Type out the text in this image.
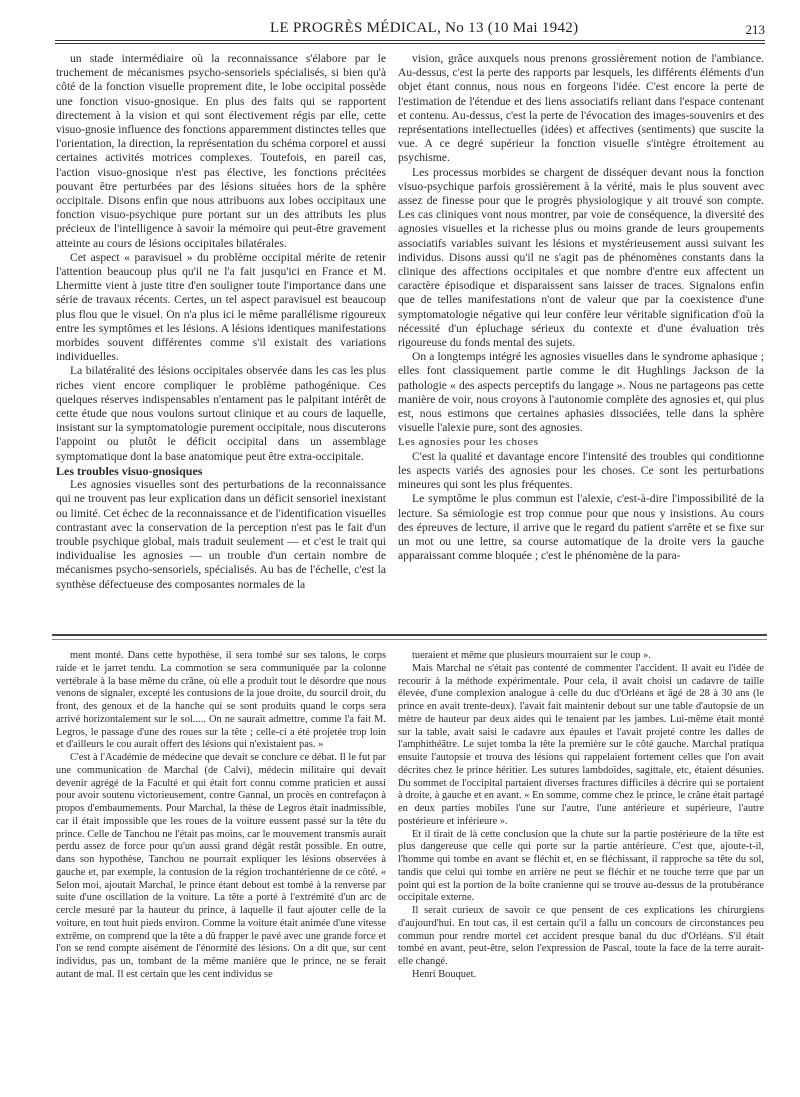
LE PROGRÈS MÉDICAL, No 13 (10 Mai 1942)	213

un stade intermédiaire où la reconnaissance s'élabore par le truchement de mécanismes psycho-sensoriels spécialisés, si bien qu'à côté de la fonction visuelle proprement dite, le lobe occipital possède une fonction visuo-gnosique. En plus des faits qui se rapportent directement à la vision et qui sont électivement régis par elle, cette visuo-gnosie influence des fonctions apparemment distinctes telles que l'orientation, la direction, la représentation du schéma corporel et aussi certaines activités motrices complexes. Toutefois, en pareil cas, l'action visuo-gnosique n'est pas élective, les fonctions précitées pouvant être perturbées par des lésions situées hors de la sphère occipitale. Disons enfin que nous attribuons aux lobes occipitaux une fonction visuo-psychique pure portant sur un des attributs les plus précieux de l'intelligence à savoir la mémoire qui peut-être gravement atteinte au cours de lésions occipitales bilatérales.

Cet aspect « paravisuel » du problème occipital mérite de retenir l'attention beaucoup plus qu'il ne l'a fait jusqu'ici en France et M. Lhermitte vient à juste titre d'en souligner toute l'importance dans une série de travaux récents. Certes, un tel aspect paravisuel est beaucoup plus flou que le visuel. On n'a plus ici le même parallélisme rigoureux entre les symptômes et les lésions. A lésions identiques manifestations morbides souvent différentes comme s'il existait des variations individuelles.

La bilatéralité des lésions occipitales observée dans les cas les plus riches vient encore compliquer le problème pathogénique. Ces quelques réserves indispensables n'entament pas le palpitant intérêt de cette étude que nous voulons surtout clinique et au cours de laquelle, insistant sur la symptomatologie purement occipitale, nous discuterons l'appoint ou plutôt le déficit occipital dans un assemblage symptomatique dont la base anatomique peut être extra-occipitale.

Les troubles visuo-gnosiques

Les agnosies visuelles sont des perturbations de la reconnaissance qui ne trouvent pas leur explication dans un déficit sensoriel inexistant ou limité. Cet échec de la reconnaissance et de l'identification visuelles contrastant avec la conservation de la perception n'est pas le fait d'un trouble psychique global, mais traduit seulement — et c'est le trait qui individualise les agnosies — un trouble d'un certain nombre de mécanismes psycho-sensoriels, spécialisés. Au bas de l'échelle, c'est la synthèse défectueuse des composantes normales de la

vision, grâce auxquels nous prenons grossièrement notion de l'ambiance. Au-dessus, c'est la perte des rapports par lesquels, les différents éléments d'un objet étant connus, nous nous en forgeons l'idée. C'est encore la perte de l'estimation de l'étendue et des liens associatifs reliant dans l'espace contenant et contenu. Au-dessus, c'est la perte de l'évocation des images-souvenirs et des représentations intellectuelles (idées) et affectives (sentiments) que suscite la vue. A ce degré supérieur la fonction visuelle s'intègre étroitement au psychisme.

Les processus morbides se chargent de disséquer devant nous la fonction visuo-psychique parfois grossièrement à la vérité, mais le plus souvent avec assez de finesse pour que le progrès physiologique y ait trouvé son compte. Les cas cliniques vont nous montrer, par voie de conséquence, la diversité des agnosies visuelles et la richesse plus ou moins grande de leurs groupements associatifs variables suivant les lésions et mystérieusement aussi suivant les individus. Disons aussi qu'il ne s'agit pas de phénomènes constants dans la clinique des affections occipitales et que nombre d'entre eux affectent un caractère épisodique et disparaissent sans laisser de traces. Signalons enfin que de telles manifestations n'ont de valeur que par la coexistence d'une symptomatologie négative qui leur confère leur véritable signification d'où la nécessité d'un épluchage sérieux du contexte et d'une évaluation très rigoureuse du fonds mental des sujets.

On a longtemps intégré les agnosies visuelles dans le syndrome aphasique ; elles font classiquement partie comme le dit Hughlings Jackson de la pathologie « des aspects perceptifs du langage ». Nous ne partageons pas cette manière de voir, nous croyons à l'autonomie complète des agnosies et, qui plus est, nous estimons que certaines aphasies dissociées, telle dans la sphère visuelle l'alexie pure, sont des agnosies.

Les agnosies pour les choses

C'est la qualité et davantage encore l'intensité des troubles qui conditionne les aspects variés des agnosies pour les choses. Ce sont les perturbations mineures qui sont les plus fréquentes.

Le symptôme le plus commun est l'alexie, c'est-à-dire l'impossibilité de la lecture. Sa sémiologie est trop connue pour que nous y insistions. Au cours des épreuves de lecture, il arrive que le regard du patient s'arrête et se fixe sur un mot ou une lettre, sa course automatique de la droite vers la gauche apparaissant comme bloquée ; c'est le phénomène de la para-

ment monté. Dans cette hypothèse, il sera tombé sur ses talons, le corps raide et le jarret tendu. La commotion se sera communiquée par la colonne vertébrale à la base même du crâne, où elle a produit tout le désordre que nous venons de signaler, excepté les contusions de la joue droite, du sourcil droit, du front, des genoux et de la hanche qui se sont produits quand le corps sera arrivé horizontalement sur le sol..... On ne saurait admettre, comme l'a fait M. Legros, le passage d'une des roues sur la tête ; celle-ci a été projetée trop loin et d'ailleurs le cou aurait offert des lésions qui n'existaient pas. »

C'est à l'Académie de médecine que devait se conclure ce débat. Il le fut par une communication de Marchal (de Calvi), médecin militaire qui devait devenir agrégé de la Faculté et qui était fort connu comme praticien et aussi pour avoir soutenu victorieusement, contre Gannal, un procès en contrefaçon à propos d'embaumements. Pour Marchal, la thèse de Legros était inadmissible, car il était impossible que les roues de la voiture eussent passé sur la tête du prince. Celle de Tanchou ne l'était pas moins, car le mouvement transmis aurait perdu assez de force pour qu'un aussi grand dégât restât possible. En outre, dans son hypothèse, Tanchou ne pourrait expliquer les lésions observées à gauche et, par exemple, la contusion de la région trochantérienne de ce côté. « Selon moi, ajoutait Marchal, le prince étant debout est tombé à la renverse par suite d'une oscillation de la voiture. La tête a porté à l'extrémité d'un arc de cercle mesuré par la hauteur du prince, à laquelle il faut ajouter celle de la voiture, en tout huit pieds environ. Comme la voiture était animée d'une vitesse extrême, on comprend que la tête a dû frapper le pavé avec une grande force et l'on se rend compte aisément de l'énormité des lésions. On a dit que, sur cent individus, pas un, tombant de la même manière que le prince, ne se ferait autant de mal. Il est certain que les cent individus se

tueraient et même que plusieurs mourraient sur le coup ».

Mais Marchal ne s'était pas contenté de commenter l'accident. Il avait eu l'idée de recourir à la méthode expérimentale. Pour cela, il avait choisi un cadavre de taille élevée, d'une complexion analogue à celle du duc d'Orléans et âgé de 28 à 30 ans (le prince en avait trente-deux). l'avait fait maintenir debout sur une table d'autopsie de un mètre de hauteur par deux aides qui le tenaient par les jambes. Lui-même était monté sur la table, avait saisi le cadavre aux épaules et l'avait projeté contre les dalles de l'amphithéâtre. Le sujet tomba la tête la première sur le côté gauche. Marchal pratiqua ensuite l'autopsie et trouva des lésions qui rappelaient fortement celles que l'on avait décrites chez le prince héritier. Les sutures lambdoïdes, sagittale, etc, étaient désunies. Du sommet de l'occipital partaient diverses fractures difficiles à décrire qui se portaient à droite, à gauche et en avant. « En somme, comme chez le prince, le crâne était partagé en deux parties mobiles l'une sur l'autre, l'une antérieure et supérieure, l'autre postérieure et inférieure ».

Et il tirait de là cette conclusion que la chute sur la partie postérieure de la tête est plus dangereuse que celle qui porte sur la partie antérieure. C'est que, ajoute-t-il, l'homme qui tombe en avant se fléchit et, en se fléchissant, il rapproche sa tête du sol, tandis que celui qui tombe en arrière ne peut se fléchir et ne touche terre que par un point qui est la portion de la boîte cranienne qui se trouve au-dessus de la protubérance occipitale externe.

Il serait curieux de savoir ce que pensent de ces explications les chirurgiens d'aujourd'hui. En tout cas, il est certain qu'il a fallu un concours de circonstances peu commun pour rendre mortel cet accident presque banal du duc d'Orléans. S'il était tombé en avant, peut-être, selon l'expression de Pascal, toute la face de la terre aurait-elle changé.

Henri Bouquet.
